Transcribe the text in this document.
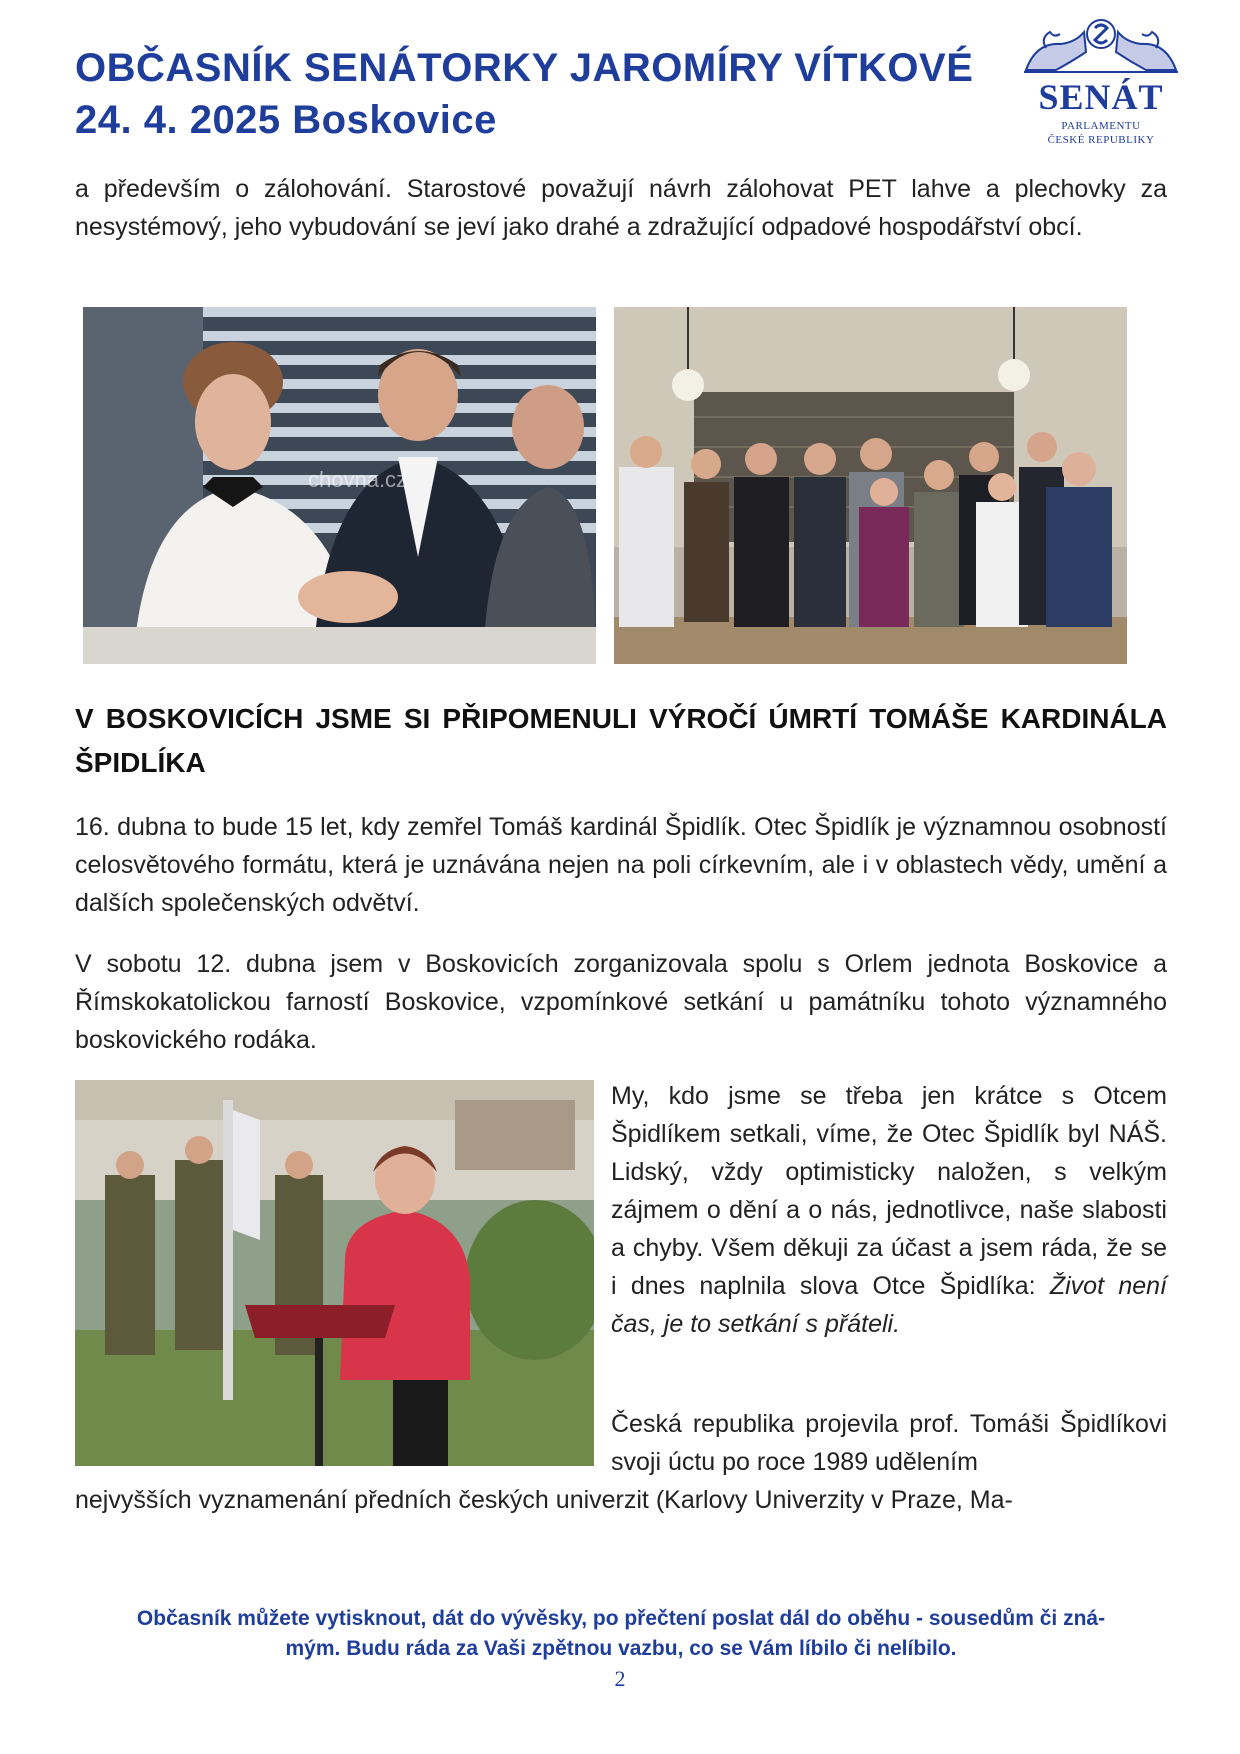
OBČASNÍK SENÁTORKY JAROMÍRY VÍTKOVÉ
24. 4. 2025 Boskovice
SENÁT
PARLAMENTU
ČESKÉ REPUBLIKY

a především o zálohování. Starostové považují návrh zálohovat PET lahve a plechovky za nesystémový, jeho vybudování se jeví jako drahé a zdražující odpadové hospodářství obcí.

chovna.cz
V BOSKOVICÍCH JSME SI PŘIPOMENULI VÝROČÍ ÚMRTÍ TOMÁŠE KARDINÁLA ŠPIDLÍKA

16. dubna to bude 15 let, kdy zemřel Tomáš kardinál Špidlík. Otec Špidlík je významnou osobností celosvětového formátu, která je uznávána nejen na poli církevním, ale i v oblastech vědy, umění a dalších společenských odvětví.

V sobotu 12. dubna jsem v Boskovicích zorganizovala spolu s Orlem jednota Boskovice a Římskokatolickou farností Boskovice, vzpomínkové setkání u památníku tohoto významného boskovického rodáka.

My, kdo jsme se třeba jen krátce s Otcem Špidlíkem setkali, víme, že Otec Špidlík byl NÁŠ. Lidský, vždy optimisticky naložen, s velkým zájmem o dění a o nás, jednotlivce, naše slabosti a chyby. Všem děkuji za účast a jsem ráda, že se i dnes naplnila slova Otce Špidlíka: Život není čas, je to setkání s přáteli.

Česká republika projevila prof. Tomáši Špidlíkovi svoji úctu po roce 1989 udělením

nejvyšších vyznamenání předních českých univerzit (Karlovy Univerzity v Praze, Ma-

Občasník můžete vytisknout, dát do vývěsky, po přečtení poslat dál do oběhu - sousedům či zná-
mým. Budu ráda za Vaši zpětnou vazbu, co se Vám líbilo či nelíbilo.
2
